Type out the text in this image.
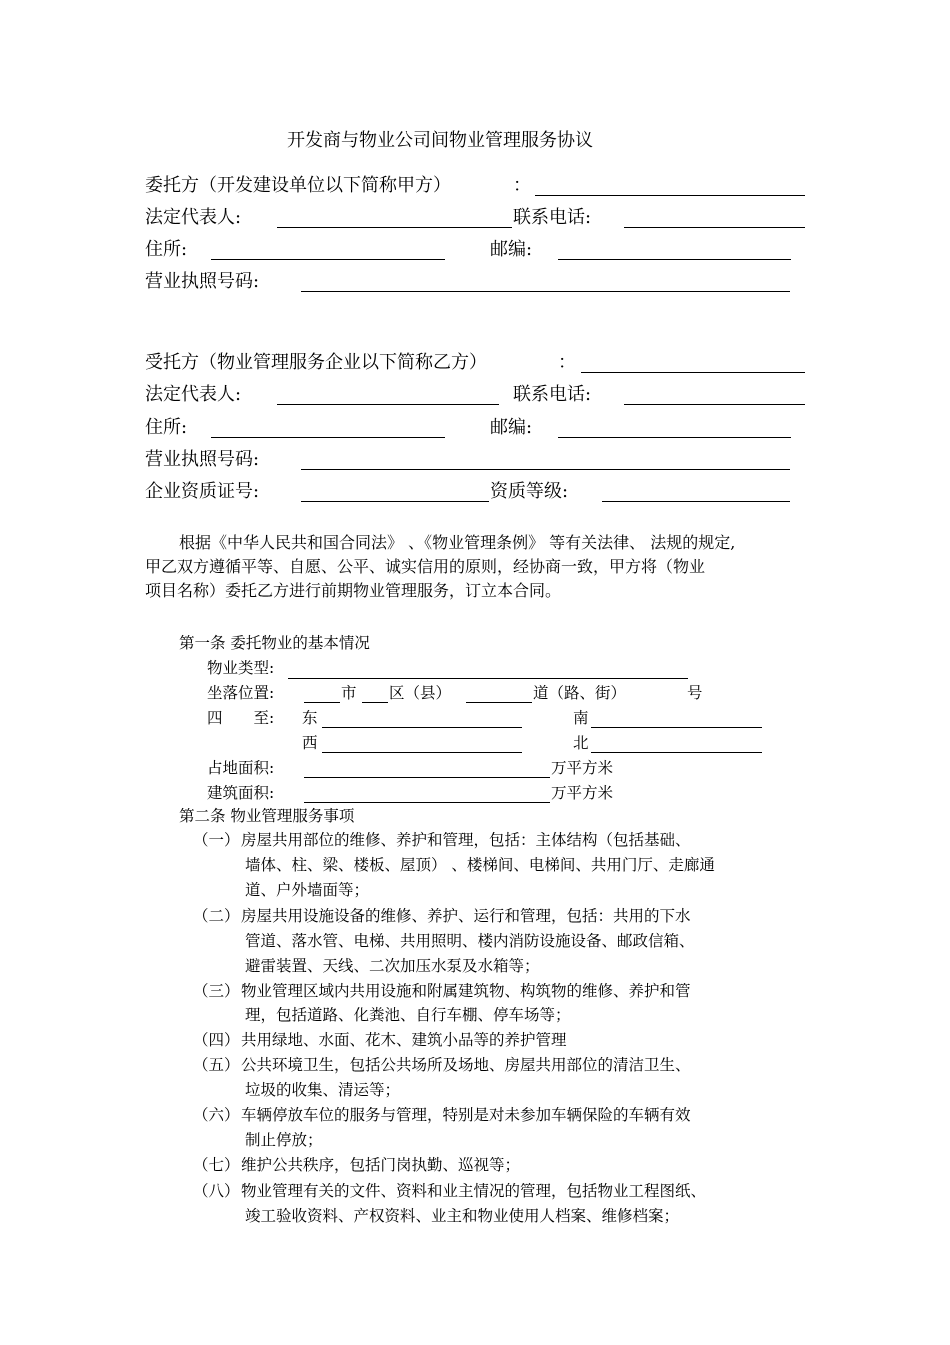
开发商与物业公司间物业管理服务协议
委托方（开发建设单位以下简称甲方）	：
法定代表人:	联系电话:
住所:	邮编:
营业执照号码:
受托方（物业管理服务企业以下简称乙方）	：
法定代表人:	联系电话:
住所:	邮编:
营业执照号码:
企业资质证号:	资质等级:
根据《中华人民共和国合同法》 、《物业管理条例》 等有关法律、 法规的规定,
甲乙双方遵循平等、自愿、公平、诚实信用的原则，经协商一致，甲方将（物业
项目名称）委托乙方进行前期物业管理服务，订立本合同。
第一条 委托物业的基本情况
物业类型:
坐落位置:	市 区（县）	道（路、街）	号
四　　至: 东	南
西	北
占地面积:	万平方米
建筑面积:	万平方米
第二条 物业管理服务事项
（一） 房屋共用部位的维修、养护和管理，包括：主体结构（包括基础、
墙体、柱、梁、楼板、屋顶） 、楼梯间、电梯间、共用门厅、走廊通
道、户外墙面等；
（二） 房屋共用设施设备的维修、养护、运行和管理，包括：共用的下水
管道、落水管、电梯、共用照明、楼内消防设施设备、邮政信箱、
避雷装置、天线、二次加压水泵及水箱等；
（三） 物业管理区域内共用设施和附属建筑物、构筑物的维修、养护和管
理，包括道路、化粪池、自行车棚、停车场等；
（四） 共用绿地、水面、花木、建筑小品等的养护管理
（五） 公共环境卫生，包括公共场所及场地、房屋共用部位的清洁卫生、
垃圾的收集、清运等；
（六） 车辆停放车位的服务与管理，特别是对未参加车辆保险的车辆有效
制止停放；
（七） 维护公共秩序，包括门岗执勤、巡视等；
（八） 物业管理有关的文件、资料和业主情况的管理，包括物业工程图纸、
竣工验收资料、产权资料、业主和物业使用人档案、维修档案；
